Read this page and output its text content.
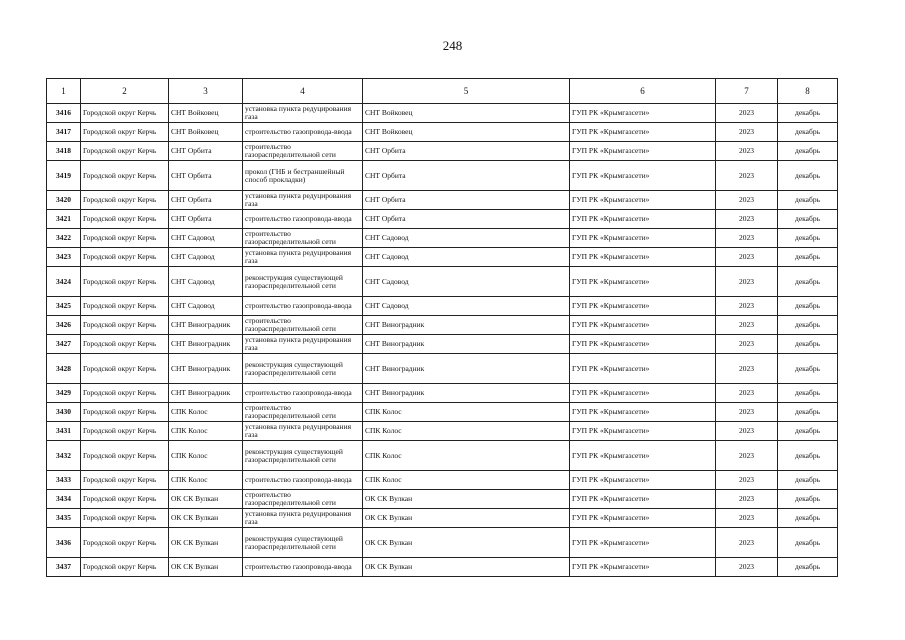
248
1	2	3	4	5	6	7	8
3416	Городской округ Керчь	СНТ Войковец	установка пункта редуцирования газа	СНТ Войковец	ГУП РК «Крымгазсети»	2023	декабрь
3417	Городской округ Керчь	СНТ Войковец	строительство газопровода-ввода	СНТ Войковец	ГУП РК «Крымгазсети»	2023	декабрь
3418	Городской округ Керчь	СНТ Орбита	строительство газораспределительной сети	СНТ Орбита	ГУП РК «Крымгазсети»	2023	декабрь
3419	Городской округ Керчь	СНТ Орбита	прокол (ГНБ и бестраншейный способ прокладки)	СНТ Орбита	ГУП РК «Крымгазсети»	2023	декабрь
3420	Городской округ Керчь	СНТ Орбита	установка пункта редуцирования газа	СНТ Орбита	ГУП РК «Крымгазсети»	2023	декабрь
3421	Городской округ Керчь	СНТ Орбита	строительство газопровода-ввода	СНТ Орбита	ГУП РК «Крымгазсети»	2023	декабрь
3422	Городской округ Керчь	СНТ Садовод	строительство газораспределительной сети	СНТ Садовод	ГУП РК «Крымгазсети»	2023	декабрь
3423	Городской округ Керчь	СНТ Садовод	установка пункта редуцирования газа	СНТ Садовод	ГУП РК «Крымгазсети»	2023	декабрь
3424	Городской округ Керчь	СНТ Садовод	реконструкция существующей газораспределительной сети	СНТ Садовод	ГУП РК «Крымгазсети»	2023	декабрь
3425	Городской округ Керчь	СНТ Садовод	строительство газопровода-ввода	СНТ Садовод	ГУП РК «Крымгазсети»	2023	декабрь
3426	Городской округ Керчь	СНТ Виноградник	строительство газораспределительной сети	СНТ Виноградник	ГУП РК «Крымгазсети»	2023	декабрь
3427	Городской округ Керчь	СНТ Виноградник	установка пункта редуцирования газа	СНТ Виноградник	ГУП РК «Крымгазсети»	2023	декабрь
3428	Городской округ Керчь	СНТ Виноградник	реконструкция существующей газораспределительной сети	СНТ Виноградник	ГУП РК «Крымгазсети»	2023	декабрь
3429	Городской округ Керчь	СНТ Виноградник	строительство газопровода-ввода	СНТ Виноградник	ГУП РК «Крымгазсети»	2023	декабрь
3430	Городской округ Керчь	СПК Колос	строительство газораспределительной сети	СПК Колос	ГУП РК «Крымгазсети»	2023	декабрь
3431	Городской округ Керчь	СПК Колос	установка пункта редуцирования газа	СПК Колос	ГУП РК «Крымгазсети»	2023	декабрь
3432	Городской округ Керчь	СПК Колос	реконструкция существующей газораспределительной сети	СПК Колос	ГУП РК «Крымгазсети»	2023	декабрь
3433	Городской округ Керчь	СПК Колос	строительство газопровода-ввода	СПК Колос	ГУП РК «Крымгазсети»	2023	декабрь
3434	Городской округ Керчь	ОК СК Вулкан	строительство газораспределительной сети	ОК СК Вулкан	ГУП РК «Крымгазсети»	2023	декабрь
3435	Городской округ Керчь	ОК СК Вулкан	установка пункта редуцирования газа	ОК СК Вулкан	ГУП РК «Крымгазсети»	2023	декабрь
3436	Городской округ Керчь	ОК СК Вулкан	реконструкция существующей газораспределительной сети	ОК СК Вулкан	ГУП РК «Крымгазсети»	2023	декабрь
3437	Городской округ Керчь	ОК СК Вулкан	строительство газопровода-ввода	ОК СК Вулкан	ГУП РК «Крымгазсети»	2023	декабрь
